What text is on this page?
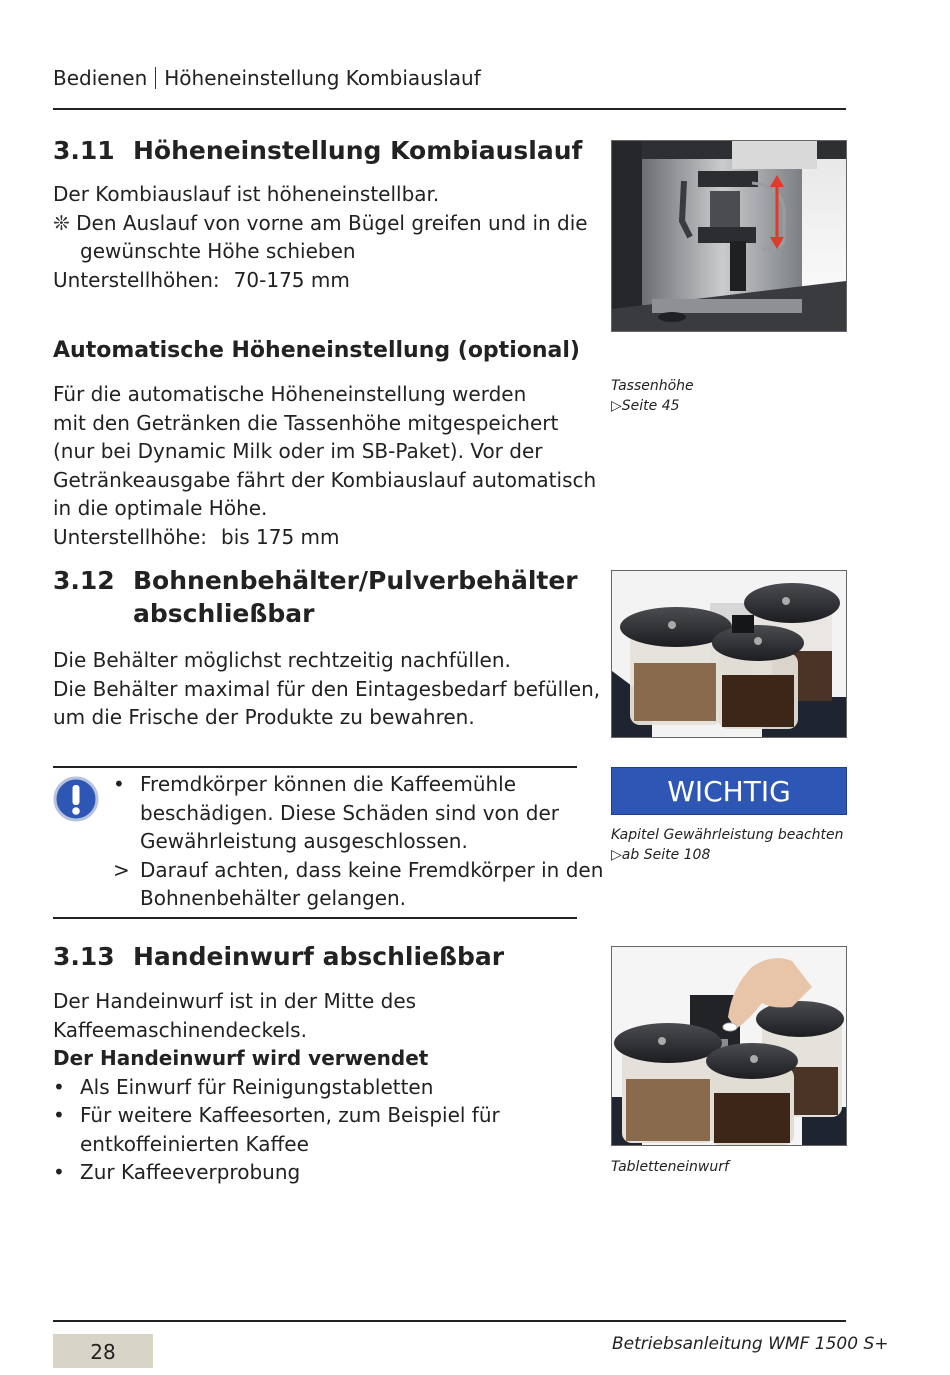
Bedienen Höheneinstellung Kombiauslauf
3.11 Höheneinstellung Kombiauslauf
Der Kombiauslauf ist höheneinstellbar.
❊ Den Auslauf von vorne am Bügel greifen und in die
gewünschte Höhe schieben
Unterstellhöhen: 70-175 mm
Automatische Höheneinstellung (optional)
Für die automatische Höheneinstellung werden
mit den Getränken die Tassenhöhe mitgespeichert
(nur bei Dynamic Milk oder im SB-Paket). Vor der
Getränkeausgabe fährt der Kombiauslauf automatisch
in die optimale Höhe.
Unterstellhöhe: bis 175 mm
Tassenhöhe
▷Seite 45
3.12 Bohnenbehälter/Pulverbehälter
abschließbar
Die Behälter möglichst rechtzeitig nachfüllen.
Die Behälter maximal für den Eintagesbedarf befüllen,
um die Frische der Produkte zu bewahren.
• Fremdkörper können die Kaffeemühle
beschädigen. Diese Schäden sind von der
Gewährleistung ausgeschlossen.
> Darauf achten, dass keine Fremdkörper in den
Bohnenbehälter gelangen.
WICHTIG
Kapitel Gewährleistung beachten
▷ab Seite 108
3.13 Handeinwurf abschließbar
Der Handeinwurf ist in der Mitte des
Kaffeemaschinendeckels.
Der Handeinwurf wird verwendet
• Als Einwurf für Reinigungstabletten
• Für weitere Kaffeesorten, zum Beispiel für
entkoffeinierten Kaffee
• Zur Kaffeeverprobung	Tabletteneinwurf
28	Betriebsanleitung WMF 1500 S+
